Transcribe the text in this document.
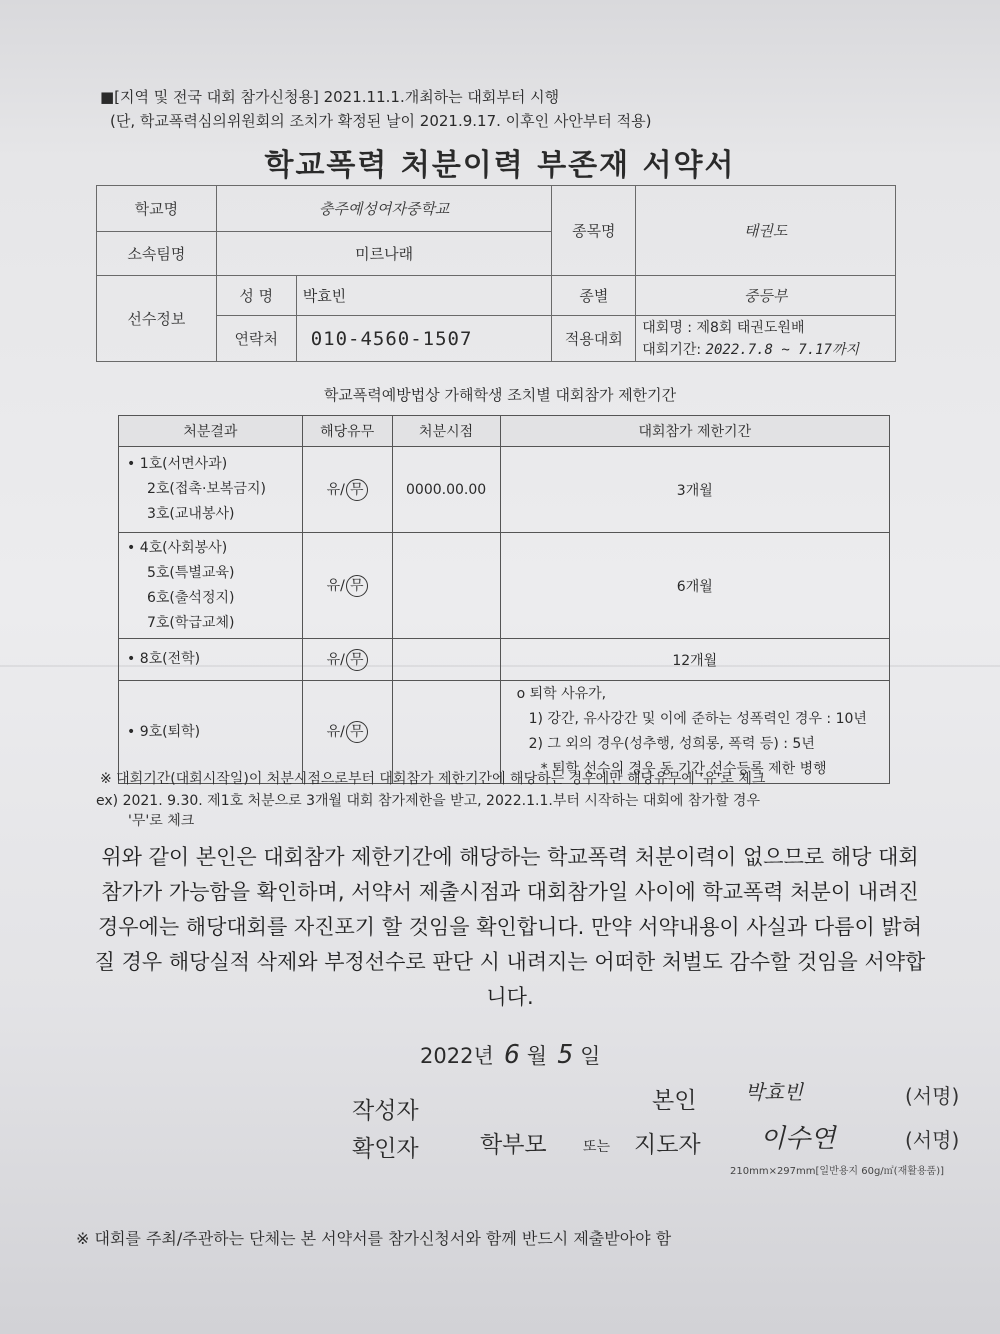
■[지역 및 전국 대회 참가신청용] 2021.11.1.개최하는 대회부터 시행
(단, 학교폭력심의위원회의 조치가 확정된 날이 2021.9.17. 이후인 사안부터 적용)
학교폭력 처분이력 부존재 서약서
학교명	충주예성여자중학교		종목명	태권도
소속팀명	미르나래			
선수정보	성 명	박효빈	종별	중등부
	연락처	010-4560-1507	적용대회	대회명 : 제8회 태권도원배
대회기간: 2022.7.8 ~ 7.17까지
학교폭력예방법상 가해학생 조치별 대회참가 제한기간
처분결과	해당유무	처분시점	대회참가 제한기간

• 1호(서면사과)
2호(접촉·보복금지)
3호(교내봉사)	유/ 무	0000.00.00	3개월

• 4호(사회봉사)
5호(특별교육)
6호(출석정지)
7호(학급교체)	유/ 무		6개월

• 8호(전학)	유/ 무		12개월

• 9호(퇴학)	유/ 무		o 퇴학 사유가,
1) 강간, 유사강간 및 이에 준하는 성폭력인 경우 : 10년
2) 그 외의 경우(성추행, 성희롱, 폭력 등) : 5년
* 퇴학 선수의 경우 동 기간 선수등록 제한 병행
※ 대회기간(대회시작일)이 처분시점으로부터 대회참가 제한기간에 해당하는 경우에만 해당유무에 '유'로 체크
ex) 2021. 9.30. 제1호 처분으로 3개월 대회 참가제한을 받고, 2022.1.1.부터 시작하는 대회에 참가할 경우
'무'로 체크
위와 같이 본인은 대회참가 제한기간에 해당하는 학교폭력 처분이력이 없으므로 해당 대회 참가가 가능함을 확인하며, 서약서 제출시점과 대회참가일 사이에 학교폭력 처분이 내려진 경우에는 해당대회를 자진포기 할 것임을 확인합니다. 만약 서약내용이 사실과 다름이 밝혀질 경우 해당실적 삭제와 부정선수로 판단 시 내려지는 어떠한 처벌도 감수할 것임을 서약합니다.
2022년 6 월 5 일
작성자	본인 박효빈	(서명)
확인자	학부모	또는 지도자 이수연	(서명)
210mm×297mm[일반용지 60g/㎡(재활용품)]
※ 대회를 주최/주관하는 단체는 본 서약서를 참가신청서와 함께 반드시 제출받아야 함
